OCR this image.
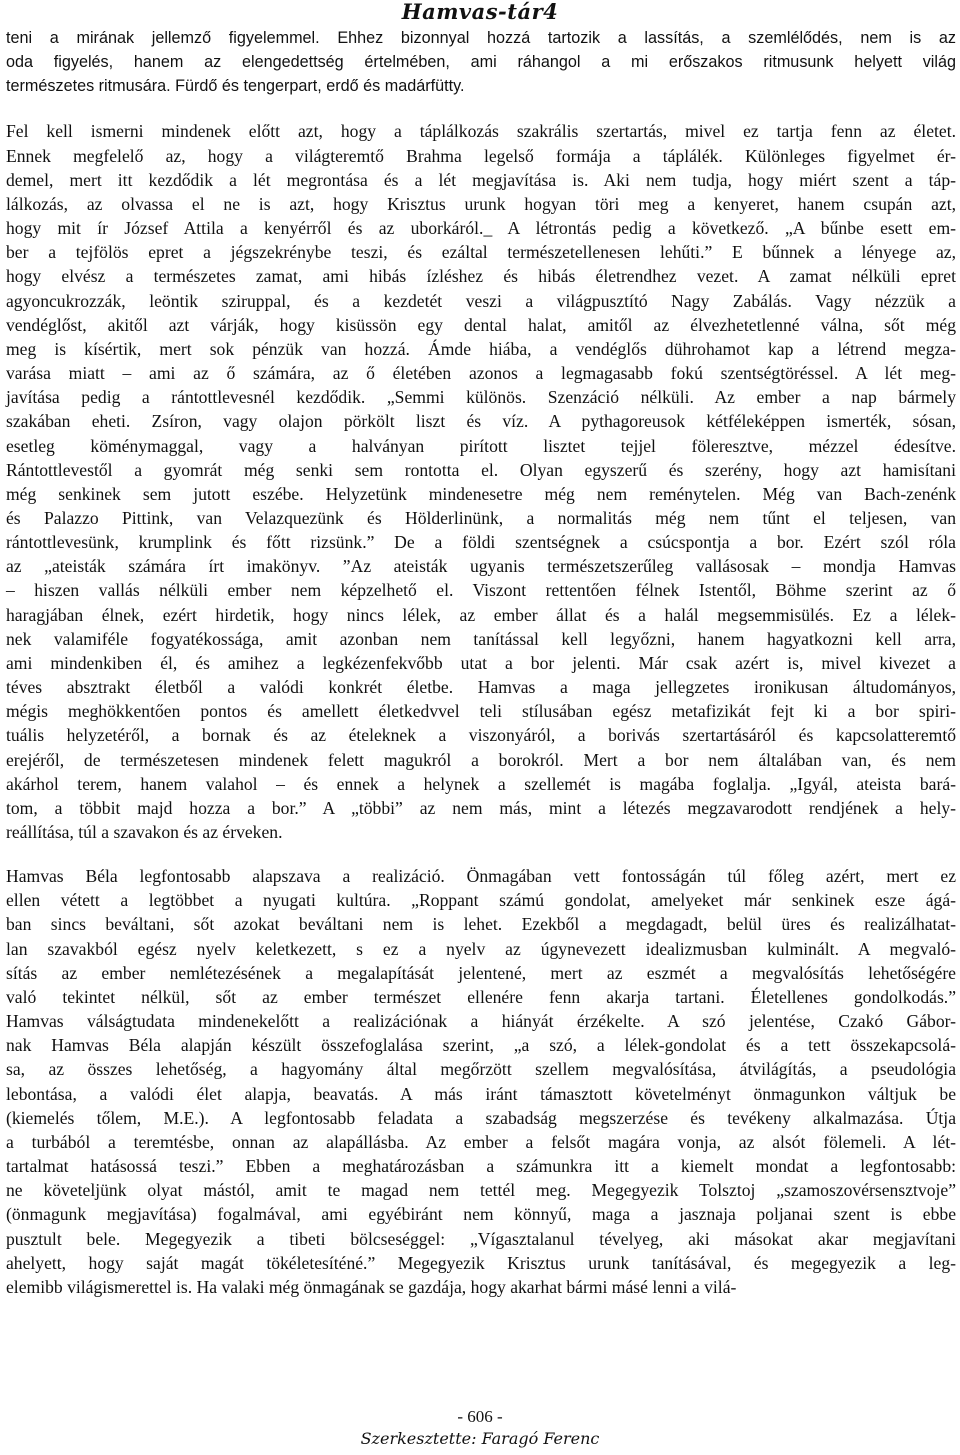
Hamvas-tár4
teni a mirának jellemző figyelemmel. Ehhez bizonnyal hozzá tartozik a lassítás, a szemlélődés, nem is az
oda figyelés, hanem az elengedettség értelmében, ami ráhangol a mi erőszakos ritmusunk helyett világ
természetes ritmusára. Fürdő és tengerpart, erdő és madárfütty.
Fel kell ismerni mindenek előtt azt, hogy a táplálkozás szakrális szertartás, mivel ez tartja fenn az életet.
Ennek megfelelő az, hogy a világteremtő Brahma legelső formája a táplálék. Különleges figyelmet ér-
demel, mert itt kezdődik a lét megrontása és a lét megjavítása is. Aki nem tudja, hogy miért szent a táp-
lálkozás, az olvassa el ne is azt, hogy Krisztus urunk hogyan töri meg a kenyeret, hanem csupán azt,
hogy mit ír József Attila a kenyérről és az uborkáról._ A létrontás pedig a következő. „A bűnbe esett em-
ber a tejfölös epret a jégszekrénybe teszi, és ezáltal természetellenesen lehűti.” E bűnnek a lényege az,
hogy elvész a természetes zamat, ami hibás ízléshez és hibás életrendhez vezet. A zamat nélküli epret
agyoncukrozzák, leöntik sziruppal, és a kezdetét veszi a világpusztító Nagy Zabálás. Vagy nézzük a
vendéglőst, akitől azt várják, hogy kisüssön egy dental halat, amitől az élvezhetetlenné válna, sőt még
meg is kísértik, mert sok pénzük van hozzá. Ámde hiába, a vendéglős dührohamot kap a létrend megza-
varása miatt – ami az ő számára, az ő életében azonos a legmagasabb fokú szentségtöréssel. A lét meg-
javítása pedig a rántottlevesnél kezdődik. „Semmi különös. Szenzáció nélküli. Az ember a nap bármely
szakában eheti. Zsíron, vagy olajon pörkölt liszt és víz. A pythagoreusok kétféleképpen ismerték, sósan,
esetleg köménymaggal, vagy a halványan pirított lisztet tejjel föleresztve, mézzel édesítve.
Rántottlevestől a gyomrát még senki sem rontotta el. Olyan egyszerű és szerény, hogy azt hamisítani
még senkinek sem jutott eszébe. Helyzetünk mindenesetre még nem reménytelen. Még van Bach-zenénk
és Palazzo Pittink, van Velazquezünk és Hölderlinünk, a normalitás még nem tűnt el teljesen, van
rántottlevesünk, krumplink és főtt rizsünk.” De a földi szentségnek a csúcspontja a bor. Ezért szól róla
az „ateisták számára írt imakönyv. ”Az ateisták ugyanis természetszerűleg vallásosak – mondja Hamvas
– hiszen vallás nélküli ember nem képzelhető el. Viszont rettentően félnek Istentől, Böhme szerint az ő
haragjában élnek, ezért hirdetik, hogy nincs lélek, az ember állat és a halál megsemmisülés. Ez a lélek-
nek valamiféle fogyatékossága, amit azonban nem tanítással kell legyőzni, hanem hagyatkozni kell arra,
ami mindenkiben él, és amihez a legkézenfekvőbb utat a bor jelenti. Már csak azért is, mivel kivezet a
téves absztrakt életből a valódi konkrét életbe. Hamvas a maga jellegzetes ironikusan áltudományos,
mégis meghökkentően pontos és amellett életkedvvel teli stílusában egész metafizikát fejt ki a bor spiri-
tuális helyzetéről, a bornak és az ételeknek a viszonyáról, a borivás szertartásáról és kapcsolatteremtő
erejéről, de természetesen mindenek felett magukról a borokról. Mert a bor nem általában van, és nem
akárhol terem, hanem valahol – és ennek a helynek a szellemét is magába foglalja. „Igyál, ateista bará-
tom, a többit majd hozza a bor.” A „többi” az nem más, mint a létezés megzavarodott rendjének a hely-
reállítása, túl a szavakon és az érveken.
Hamvas Béla legfontosabb alapszava a realizáció. Önmagában vett fontosságán túl főleg azért, mert ez
ellen vétett a legtöbbet a nyugati kultúra. „Roppant számú gondolat, amelyeket már senkinek esze ágá-
ban sincs beváltani, sőt azokat beváltani nem is lehet. Ezekből a megdagadt, belül üres és realizálhatat-
lan szavakból egész nyelv keletkezett, s ez a nyelv az úgynevezett idealizmusban kulminált. A megvaló-
sítás az ember nemlétezésének a megalapítását jelentené, mert az eszmét a megvalósítás lehetőségére
való tekintet nélkül, sőt az ember természet ellenére fenn akarja tartani. Életellenes gondolkodás.”
Hamvas válságtudata mindenekelőtt a realizációnak a hiányát érzékelte. A szó jelentése, Czakó Gábor-
nak Hamvas Béla alapján készült összefoglalása szerint, „a szó, a lélek-gondolat és a tett összekapcsolá-
sa, az összes lehetőség, a hagyomány által megőrzött szellem megvalósítása, átvilágítás, a pseudológia
lebontása, a valódi élet alapja, beavatás. A más iránt támasztott követelményt önmagunkon váltjuk be
(kiemelés tőlem, M.E.). A legfontosabb feladata a szabadság megszerzése és tevékeny alkalmazása. Útja
a turbából a teremtésbe, onnan az alapállásba. Az ember a felsőt magára vonja, az alsót fölemeli. A lét-
tartalmat hatásossá teszi.” Ebben a meghatározásban a számunkra itt a kiemelt mondat a legfontosabb:
ne követeljünk olyat mástól, amit te magad nem tettél meg. Megegyezik Tolsztoj „szamoszovérsensztvoje”
(önmagunk megjavítása) fogalmával, ami egyébiránt nem könnyű, maga a jasznaja poljanai szent is ebbe
pusztult bele. Megegyezik a tibeti bölcseséggel: „Vígasztalanul tévelyeg, aki másokat akar megjavítani
ahelyett, hogy saját magát tökéletesíténé.” Megegyezik Krisztus urunk tanításával, és megegyezik a leg-
elemibb világismerettel is. Ha valaki még önmagának se gazdája, hogy akarhat bármi másé lenni a vilá-
- 606 -
Szerkesztette: Faragó Ferenc
